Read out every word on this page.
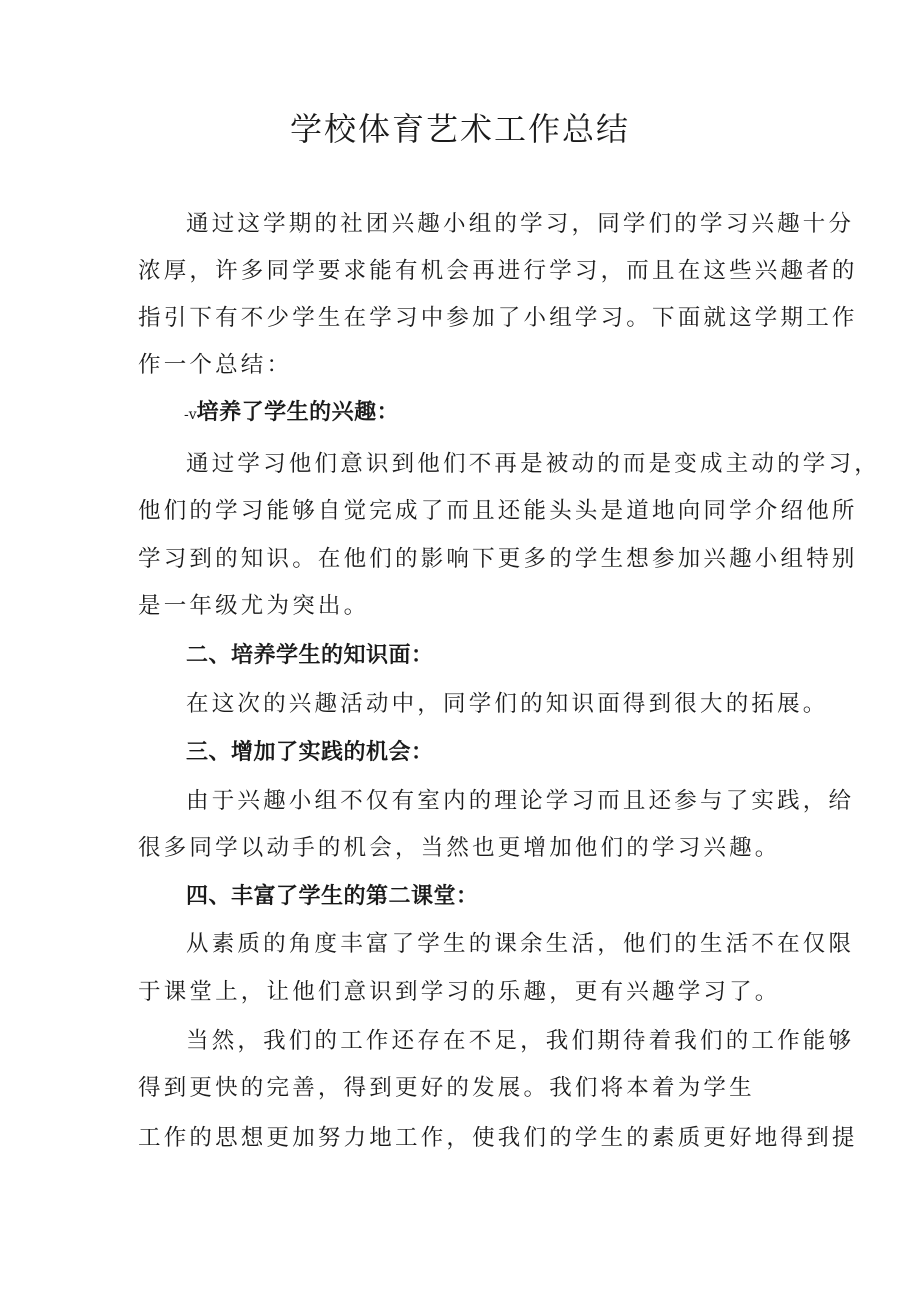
学校体育艺术工作总结
通过这学期的社团兴趣小组的学习，同学们的学习兴趣十分
浓厚，许多同学要求能有机会再进行学习，而且在这些兴趣者的
指引下有不少学生在学习中参加了小组学习。下面就这学期工作
作一个总结：
-v培养了学生的兴趣：
通过学习他们意识到他们不再是被动的而是变成主动的学习，
他们的学习能够自觉完成了而且还能头头是道地向同学介绍他所
学习到的知识。在他们的影响下更多的学生想参加兴趣小组特别
是一年级尤为突出。
二、培养学生的知识面：
在这次的兴趣活动中，同学们的知识面得到很大的拓展。
三、增加了实践的机会：
由于兴趣小组不仅有室内的理论学习而且还参与了实践，给
很多同学以动手的机会，当然也更增加他们的学习兴趣。
四、丰富了学生的第二课堂：
从素质的角度丰富了学生的课余生活，他们的生活不在仅限
于课堂上，让他们意识到学习的乐趣，更有兴趣学习了。
当然，我们的工作还存在不足，我们期待着我们的工作能够
得到更快的完善，得到更好的发展。我们将本着为学生
工作的思想更加努力地工作，使我们的学生的素质更好地得到提
